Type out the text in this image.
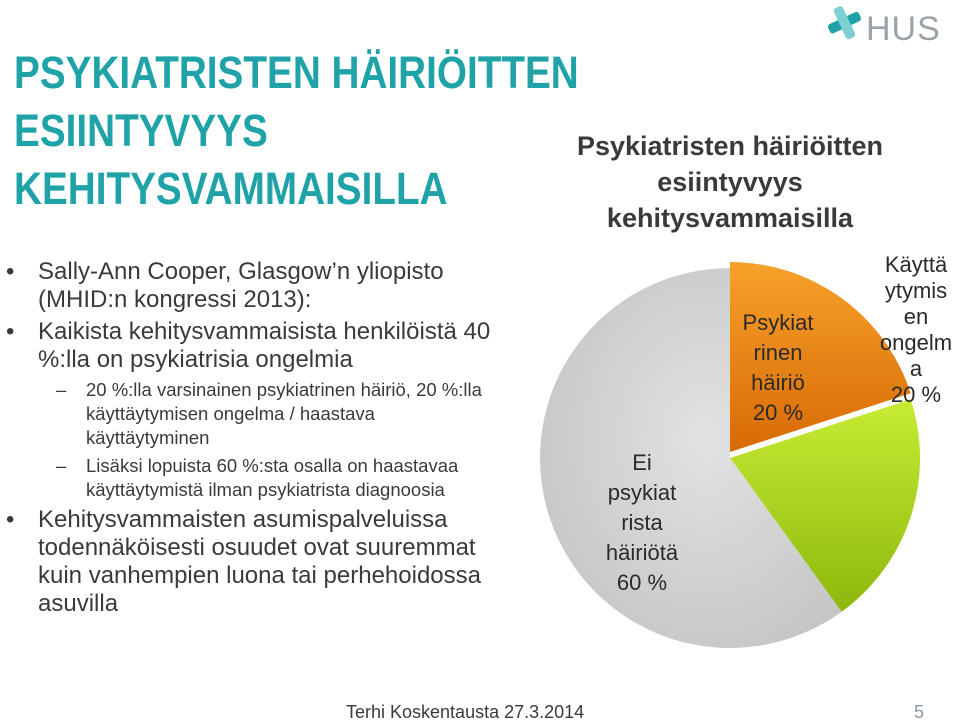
PSYKIATRISTEN HÄIRIÖITTEN
ESIINTYVYYS
KEHITYSVAMMAISILLA
HUS
• Sally-Ann Cooper, Glasgow’n yliopisto (MHID:n kongressi 2013):
• Kaikista kehitysvammaisista henkilöistä 40 %:lla on psykiatrisia ongelmia
– 20 %:lla varsinainen psykiatrinen häiriö, 20 %:lla käyttäytymisen ongelma / haastava käyttäytyminen
– Lisäksi lopuista 60 %:sta osalla on haastavaa käyttäytymistä ilman psykiatrista diagnoosia
• Kehitysvammaisten asumispalveluissa todennäköisesti osuudet ovat suuremmat kuin vanhempien luona tai perhehoidossa asuvilla
Psykiatristen häiriöitten
esiintyvyys
kehitysvammaisilla
Psykiat
rinen
häiriö
20 %
Käyttä
ytymis
en
ongelm
a
20 %
Ei
psykiat
rista
häiriötä
60 %
Terhi Koskentausta 27.3.2014	5
